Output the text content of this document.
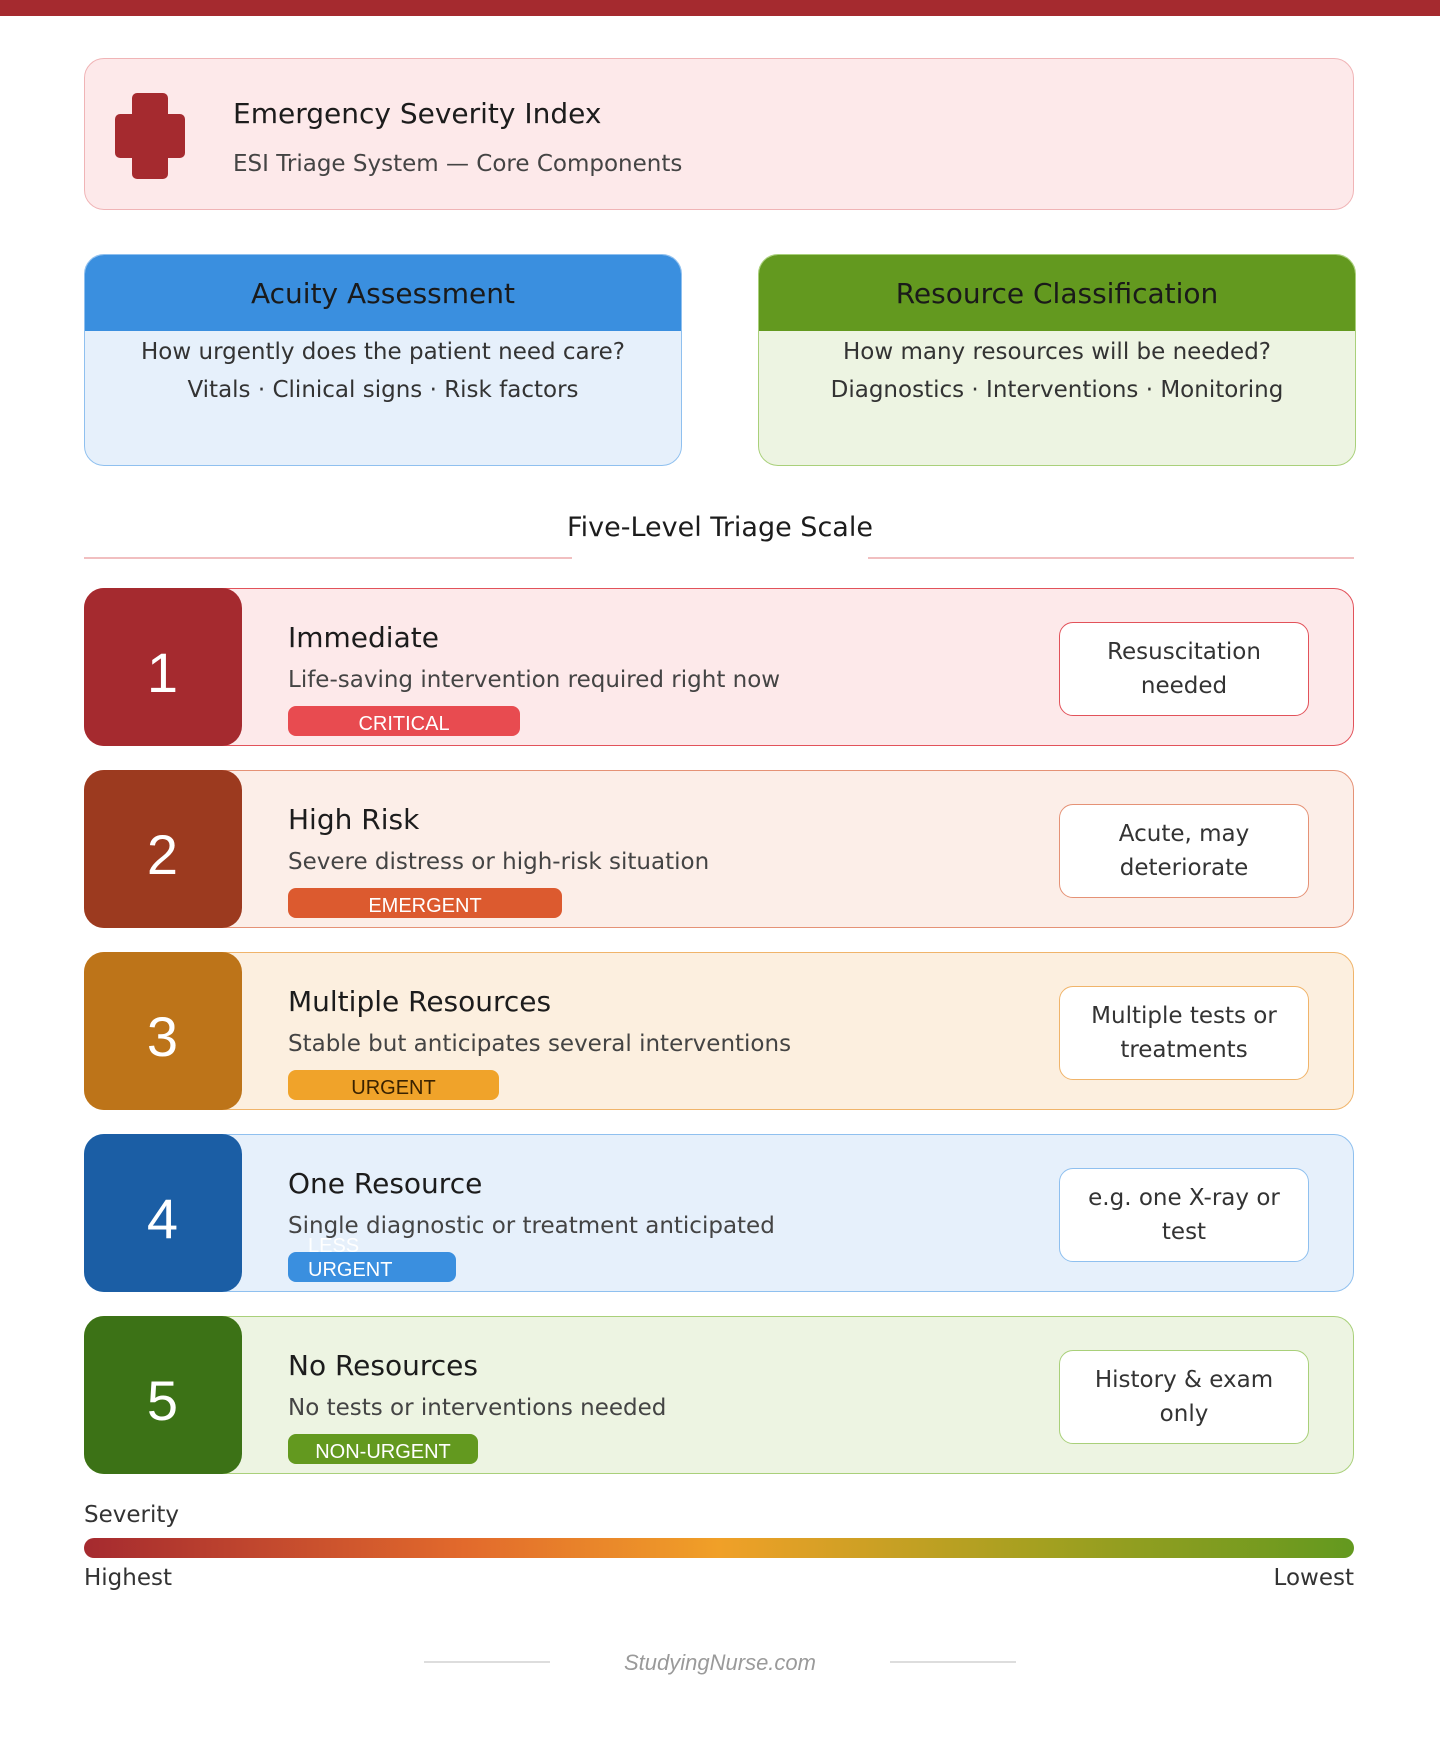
Emergency Severity Index
ESI Triage System — Core Components
Acuity Assessment
How urgently does the patient need care?
Vitals · Clinical signs · Risk factors
Resource Classification
How many resources will be needed?
Diagnostics · Interventions · Monitoring
Five-Level Triage Scale
1
Immediate
Life-saving intervention required right now
CRITICAL
Resuscitation needed
2
High Risk
Severe distress or high-risk situation
EMERGENT
Acute, may deteriorate
3
Multiple Resources
Stable but anticipates several interventions
URGENT
Multiple tests or treatments
4
One Resource
Single diagnostic or treatment anticipated
LESS URGENT
e.g. one X-ray or test
5
No Resources
No tests or interventions needed
NON-URGENT
History & exam only
Severity
Highest	Lowest
StudyingNurse.com
